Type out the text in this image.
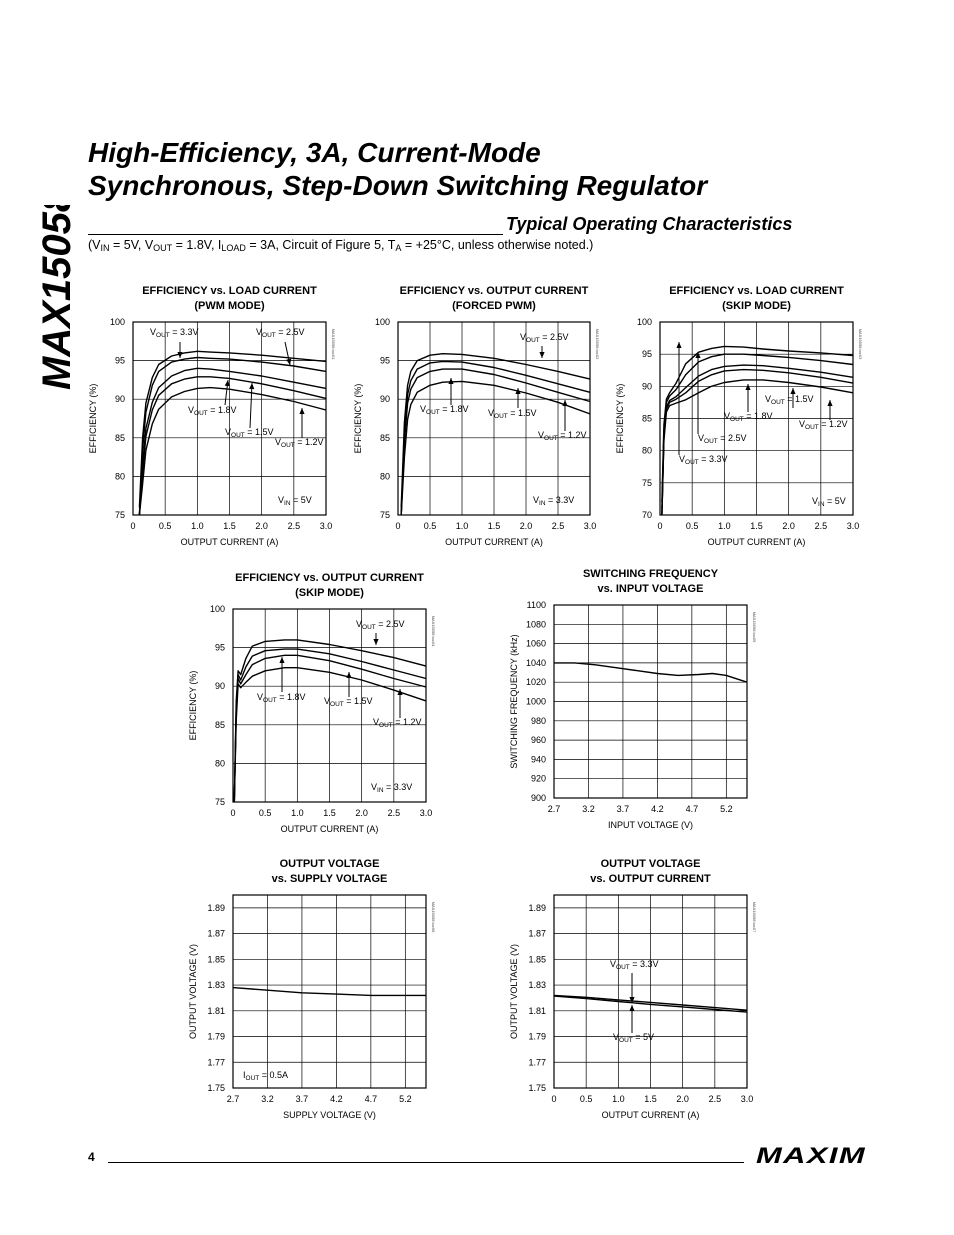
MAX15058
High-Efficiency, 3A, Current-Mode
Synchronous, Step-Down Switching Regulator
Typical Operating Characteristics
($V_{IN} = 5V$, $V_{OUT} = 1.8V$, $I_{LOAD} = 3A$, Circuit of Figure 5, $T_A = +25^\circ C$, unless otherwise noted.)
EFFICIENCY vs. LOAD CURRENT
(PWM MODE)
0	0.5 1.0 1.5 2.0 2.5 3.0
75
80
85
90
95
100
OUTPUT CURRENT (A)
EFFICIENCY (%)
MAX15058 toc01
$V_{OUT} = 3.3V$	$V_{OUT} = 2.5V$
$V_{OUT} = 1.8V$
$V_{OUT} = 1.5V$
$V_{OUT} = 1.2V$
$V_{IN} = 5V$
EFFICIENCY vs. OUTPUT CURRENT
(FORCED PWM)
0	0.5 1.0 1.5 2.0 2.5 3.0
75
80
85
90
95
100
OUTPUT CURRENT (A)
EFFICIENCY (%)
MAX15058 toc02
$V_{OUT} = 2.5V$
$V_{OUT} = 1.8V$ $V_{OUT} = 1.5V$
$V_{OUT} = 1.2V$
$V_{IN} = 3.3V$
EFFICIENCY vs. LOAD CURRENT
(SKIP MODE)
0	0.5 1.0 1.5 2.0 2.5 3.0
70
75
80
85
90
95
100
OUTPUT CURRENT (A)
EFFICIENCY (%)
MAX15058 toc03
$V_{OUT} = 1.5V$
$V_{OUT} = 1.8V$
$V_{OUT} = 1.2V$
$V_{OUT} = 2.5V$
$V_{OUT} = 3.3V$
$V_{IN} = 5V$
EFFICIENCY vs. OUTPUT CURRENT
(SKIP MODE)
0	0.5 1.0 1.5 2.0 2.5 3.0
75
80
85
90
95
100
OUTPUT CURRENT (A)
EFFICIENCY (%)
MAX15058 toc04
$V_{OUT} = 2.5V$
$V_{OUT} = 1.8V$ $V_{OUT} = 1.5V$
$V_{OUT} = 1.2V$
$V_{IN} = 3.3V$
SWITCHING FREQUENCY
vs. INPUT VOLTAGE
2.7 3.2 3.7 4.2 4.7 5.2
900
920
940
960
980
1000
1020
1040
1060
1080
1100
INPUT VOLTAGE (V)
SWITCHING FREQUENCY (kHz)
MAX15058 toc05
OUTPUT VOLTAGE
vs. SUPPLY VOLTAGE
2.7 3.2 3.7 4.2 4.7 5.2
1.75
1.77
1.79
1.81
1.83
1.85
1.87
1.89
SUPPLY VOLTAGE (V)
OUTPUT VOLTAGE (V)
MAX15058 toc06
$I_{OUT} = 0.5A$
OUTPUT VOLTAGE
vs. OUTPUT CURRENT
0	0.5 1.0 1.5 2.0 2.5 3.0
1.75
1.77
1.79
1.81
1.83
1.85
1.87
1.89
OUTPUT CURRENT (A)
OUTPUT VOLTAGE (V)
MAX15058 toc07
$V_{OUT} = 3.3V$
$V_{OUT} = 5V$
4	MAXIM
